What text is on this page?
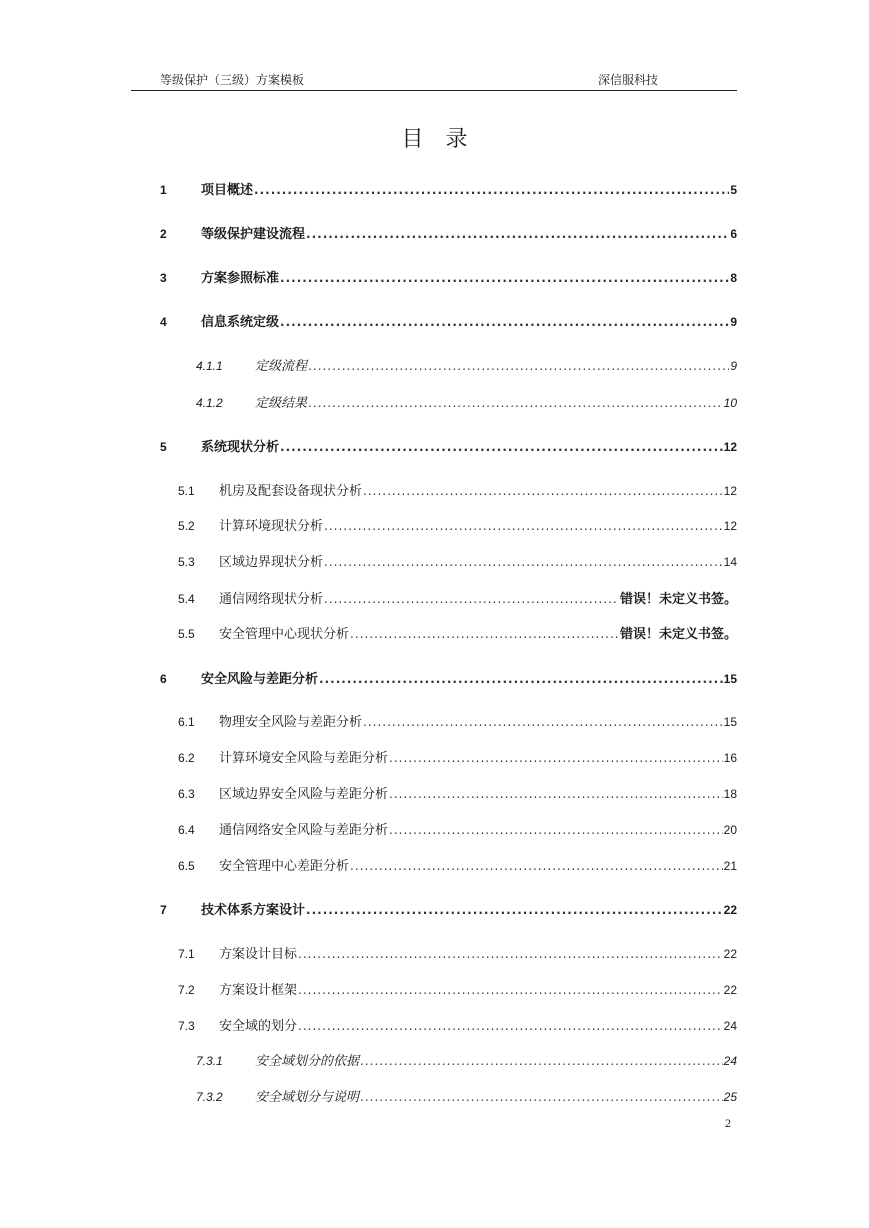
等级保护（三级）方案模板	深信服科技
目录
1	项目概述 .....	5
2	等级保护建设流程 .....	6
3	方案参照标准 .....	8
4	信息系统定级 .....	9
4.1.1 定级流程 .....	9
4.1.2 定级结果 .....	10
5	系统现状分析 .....	12
5.1 机房及配套设备现状分析 .....	12
5.2 计算环境现状分析 .....	12
5.3 区域边界现状分析 .....	14
5.4 通信网络现状分析 .....	错误！未定义书签。
5.5 安全管理中心现状分析 .....	错误！未定义书签。
6	安全风险与差距分析 .....	15
6.1 物理安全风险与差距分析 .....	15
6.2 计算环境安全风险与差距分析 .....	16
6.3 区域边界安全风险与差距分析 .....	18
6.4 通信网络安全风险与差距分析 .....	20
6.5 安全管理中心差距分析 .....	21
7	技术体系方案设计 .....	22
7.1 方案设计目标 .....	22
7.2 方案设计框架 .....	22
7.3 安全域的划分 .....	24
7.3.1 安全域划分的依据 .....	24
7.3.2 安全域划分与说明 .....	25
2
